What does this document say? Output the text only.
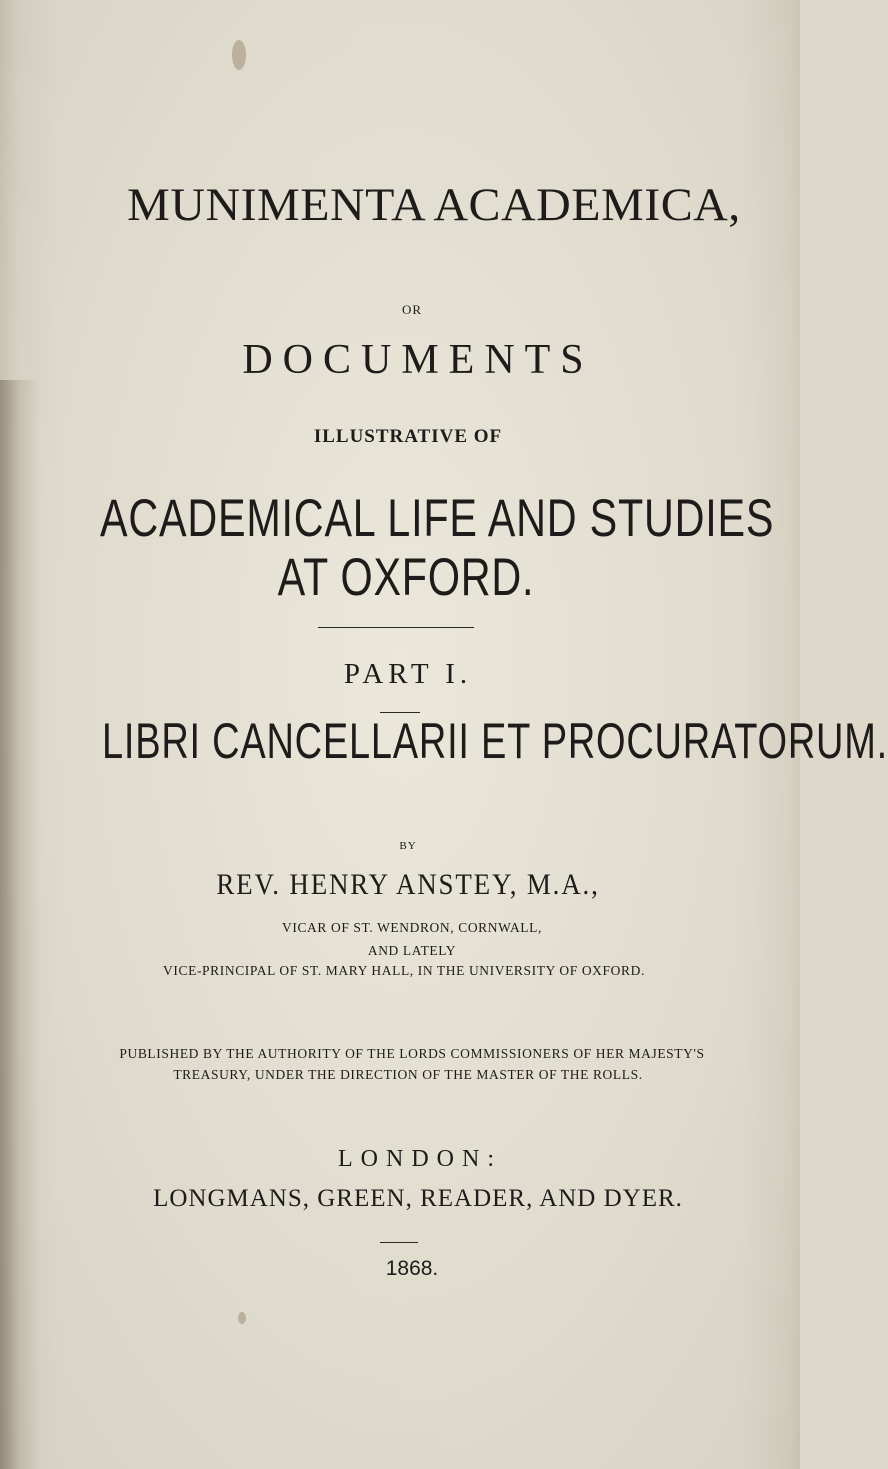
MUNIMENTA ACADEMICA,
OR
DOCUMENTS
ILLUSTRATIVE OF
ACADEMICAL LIFE AND STUDIES
AT OXFORD.
PART I.
LIBRI CANCELLARII ET PROCURATORUM.
BY
REV. HENRY ANSTEY, M.A.,
VICAR OF ST. WENDRON, CORNWALL,
AND LATELY
VICE-PRINCIPAL OF ST. MARY HALL, IN THE UNIVERSITY OF OXFORD.
PUBLISHED BY THE AUTHORITY OF THE LORDS COMMISSIONERS OF HER MAJESTY'S
TREASURY, UNDER THE DIRECTION OF THE MASTER OF THE ROLLS.
LONDON:
LONGMANS, GREEN, READER, AND DYER.
1868.
